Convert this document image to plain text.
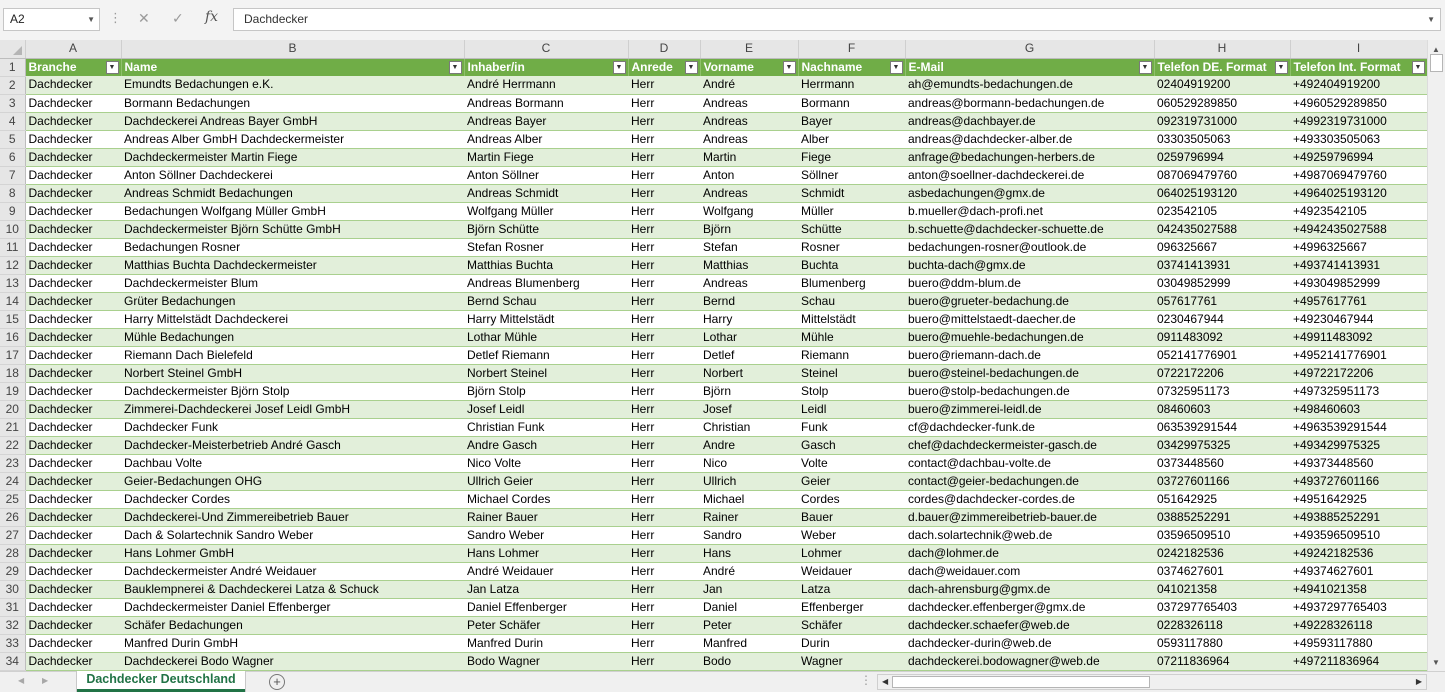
A2	▼ ⋮ ✕ ✓ fx	Dachdecker	▼
	A	B	C	D	E	F	G	H	I
1	Branche ▼	Name ▼	Inhaber/in ▼	Anrede ▼	Vorname ▼	Nachname ▼	E-Mail ▼	Telefon DE. Format ▼	Telefon Int. Format ▼

2	Dachdecker	Emundts Bedachungen e.K.	André Herrmann	Herr	André	Herrmann	ah@emundts-bedachungen.de	02404919200	+492404919200
3	Dachdecker	Bormann Bedachungen	Andreas Bormann	Herr	Andreas	Bormann	andreas@bormann-bedachungen.de	060529289850	+4960529289850
4	Dachdecker	Dachdeckerei Andreas Bayer GmbH	Andreas Bayer	Herr	Andreas	Bayer	andreas@dachbayer.de	092319731000	+4992319731000
5	Dachdecker	Andreas Alber GmbH Dachdeckermeister	Andreas Alber	Herr	Andreas	Alber	andreas@dachdecker-alber.de	03303505063	+493303505063
6	Dachdecker	Dachdeckermeister Martin Fiege	Martin Fiege	Herr	Martin	Fiege	anfrage@bedachungen-herbers.de	0259796994	+49259796994
7	Dachdecker	Anton Söllner Dachdeckerei	Anton Söllner	Herr	Anton	Söllner	anton@soellner-dachdeckerei.de	087069479760	+4987069479760
8	Dachdecker	Andreas Schmidt Bedachungen	Andreas Schmidt	Herr	Andreas	Schmidt	asbedachungen@gmx.de	064025193120	+4964025193120
9	Dachdecker	Bedachungen Wolfgang Müller GmbH	Wolfgang Müller	Herr	Wolfgang	Müller	b.mueller@dach-profi.net	023542105	+4923542105
10	Dachdecker	Dachdeckermeister Björn Schütte GmbH	Björn Schütte	Herr	Björn	Schütte	b.schuette@dachdecker-schuette.de	042435027588	+4942435027588
11	Dachdecker	Bedachungen Rosner	Stefan Rosner	Herr	Stefan	Rosner	bedachungen-rosner@outlook.de	096325667	+4996325667
12	Dachdecker	Matthias Buchta Dachdeckermeister	Matthias Buchta	Herr	Matthias	Buchta	buchta-dach@gmx.de	03741413931	+493741413931
13	Dachdecker	Dachdeckermeister Blum	Andreas Blumenberg	Herr	Andreas	Blumenberg	buero@ddm-blum.de	03049852999	+493049852999
14	Dachdecker	Grüter Bedachungen	Bernd Schau	Herr	Bernd	Schau	buero@grueter-bedachung.de	057617761	+4957617761
15	Dachdecker	Harry Mittelstädt Dachdeckerei	Harry Mittelstädt	Herr	Harry	Mittelstädt	buero@mittelstaedt-daecher.de	0230467944	+49230467944
16	Dachdecker	Mühle Bedachungen	Lothar Mühle	Herr	Lothar	Mühle	buero@muehle-bedachungen.de	0911483092	+49911483092
17	Dachdecker	Riemann Dach Bielefeld	Detlef Riemann	Herr	Detlef	Riemann	buero@riemann-dach.de	052141776901	+4952141776901
18	Dachdecker	Norbert Steinel GmbH	Norbert Steinel	Herr	Norbert	Steinel	buero@steinel-bedachungen.de	0722172206	+49722172206
19	Dachdecker	Dachdeckermeister Björn Stolp	Björn Stolp	Herr	Björn	Stolp	buero@stolp-bedachungen.de	07325951173	+497325951173
20	Dachdecker	Zimmerei-Dachdeckerei Josef Leidl GmbH	Josef Leidl	Herr	Josef	Leidl	buero@zimmerei-leidl.de	08460603	+498460603
21	Dachdecker	Dachdecker Funk	Christian Funk	Herr	Christian	Funk	cf@dachdecker-funk.de	063539291544	+4963539291544
22	Dachdecker	Dachdecker-Meisterbetrieb André Gasch	Andre Gasch	Herr	Andre	Gasch	chef@dachdeckermeister-gasch.de	03429975325	+493429975325
23	Dachdecker	Dachbau Volte	Nico Volte	Herr	Nico	Volte	contact@dachbau-volte.de	0373448560	+49373448560
24	Dachdecker	Geier-Bedachungen OHG	Ullrich Geier	Herr	Ullrich	Geier	contact@geier-bedachungen.de	03727601166	+493727601166
25	Dachdecker	Dachdecker Cordes	Michael Cordes	Herr	Michael	Cordes	cordes@dachdecker-cordes.de	051642925	+4951642925
26	Dachdecker	Dachdeckerei-Und Zimmereibetrieb Bauer	Rainer Bauer	Herr	Rainer	Bauer	d.bauer@zimmereibetrieb-bauer.de	03885252291	+493885252291
27	Dachdecker	Dach & Solartechnik Sandro Weber	Sandro Weber	Herr	Sandro	Weber	dach.solartechnik@web.de	03596509510	+493596509510
28	Dachdecker	Hans Lohmer GmbH	Hans Lohmer	Herr	Hans	Lohmer	dach@lohmer.de	0242182536	+49242182536
29	Dachdecker	Dachdeckermeister André Weidauer	André Weidauer	Herr	André	Weidauer	dach@weidauer.com	0374627601	+49374627601
30	Dachdecker	Bauklempnerei & Dachdeckerei Latza & Schuck	Jan Latza	Herr	Jan	Latza	dach-ahrensburg@gmx.de	041021358	+4941021358
31	Dachdecker	Dachdeckermeister Daniel Effenberger	Daniel Effenberger	Herr	Daniel	Effenberger	dachdecker.effenberger@gmx.de	037297765403	+4937297765403
32	Dachdecker	Schäfer Bedachungen	Peter Schäfer	Herr	Peter	Schäfer	dachdecker.schaefer@web.de	0228326118	+49228326118
33	Dachdecker	Manfred Durin GmbH	Manfred Durin	Herr	Manfred	Durin	dachdecker-durin@web.de	0593117880	+49593117880
34	Dachdecker	Dachdeckerei Bodo Wagner	Bodo Wagner	Herr	Bodo	Wagner	dachdeckerei.bodowagner@web.de	07211836964	+497211836964
▲
▼
◀ ▶	Dachdecker Deutschland	+	⋮ ◀	▶
